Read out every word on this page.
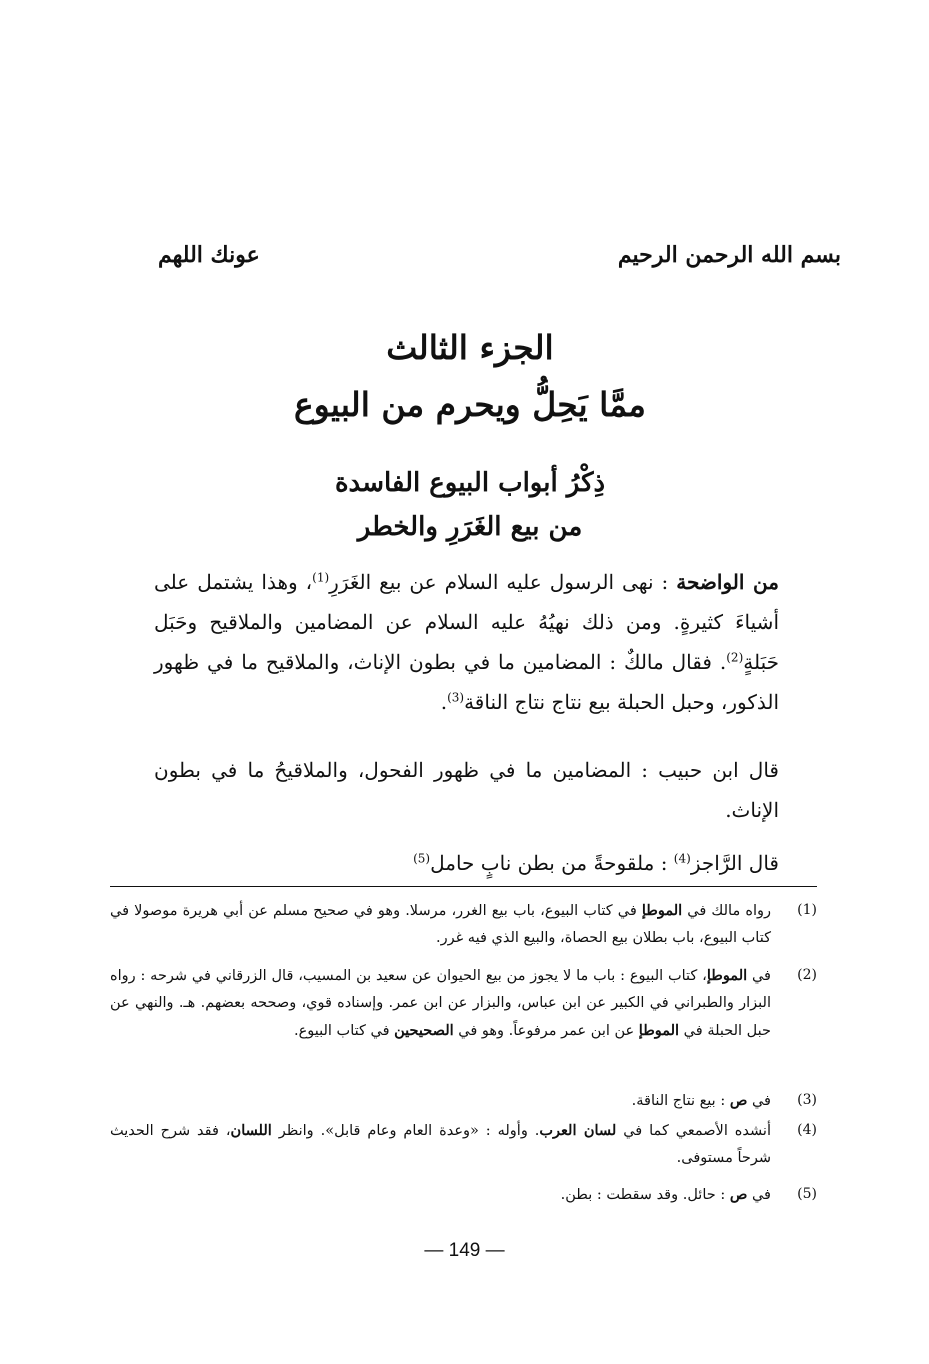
بسم الله الرحمن الرحيم
عونك اللهم
الجزء الثالث
ممَّا يَحِلُّ ويحرم من البيوع
ذِكْرُ أبواب البيوع الفاسدة
من بيع الغَرَرِ والخطر
من الواضحة : نهى الرسول عليه السلام عن بيع الغَرَرِ$^{(1)}$، وهذا يشتمل على أشياءَ كثيرةٍ. ومن ذلك نهيُهُ عليه السلام عن المضامين والملاقيح وحَبَل حَبَلةٍ$^{(2)}$. فقال مالكٌ : المضامين ما في بطون الإناث، والملاقيح ما في ظهور الذكور، وحبل الحبلة بيع نتاج نتاج الناقة$^{(3)}$.
قال ابن حبيب : المضامين ما في ظهور الفحول، والملاقيحُ ما في بطون الإناث.
قال الرَّاجز$^{(4)}$ : ملقوحةً من بطن نابٍ حامل$^{(5)}$
(1)
رواه مالك في الموطإ في كتاب البيوع، باب بيع الغرر، مرسلا. وهو في صحيح مسلم عن أبي هريرة موصولا في كتاب البيوع، باب بطلان بيع الحصاة، والبيع الذي فيه غرر.
(2)
في الموطإ، كتاب البيوع : باب ما لا يجوز من بيع الحيوان عن سعيد بن المسيب، قال الزرقاني في شرحه : رواه البزار والطبراني في الكبير عن ابن عباس، والبزار عن ابن عمر. وإسناده قوي، وصححه بعضهم. هـ. والنهي عن حبل الحبلة في الموطإ عن ابن عمر مرفوعاً. وهو في الصحيحين في كتاب البيوع.
(3)
في ص : بيع نتاج الناقة.
(4)
أنشده الأصمعي كما في لسان العرب. وأوله : «وعدة العام وعام قابل». وانظر اللسان، فقد شرح الحديث شرحاً مستوفى.
(5)
في ص : حائل. وقد سقطت : بطن.
— 149 —
